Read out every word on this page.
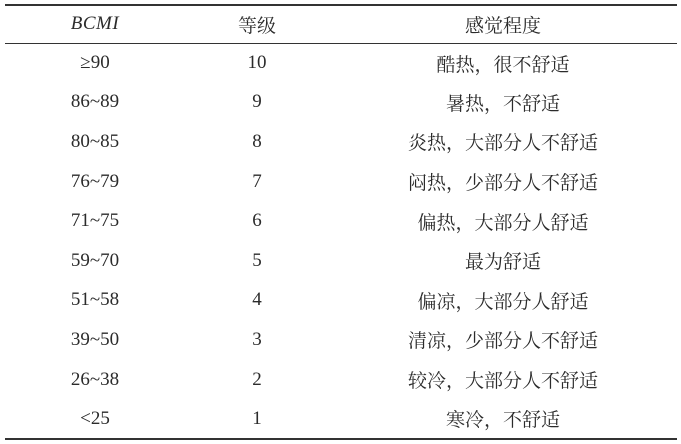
BCMI	等级	感觉程度
≥90	10	酷热，很不舒适
86~89	9	暑热，不舒适
80~85	8	炎热，大部分人不舒适
76~79	7	闷热，少部分人不舒适
71~75	6	偏热，大部分人舒适
59~70	5	最为舒适
51~58	4	偏凉，大部分人舒适
39~50	3	清凉，少部分人不舒适
26~38	2	较冷，大部分人不舒适
<25	1	寒冷，不舒适
